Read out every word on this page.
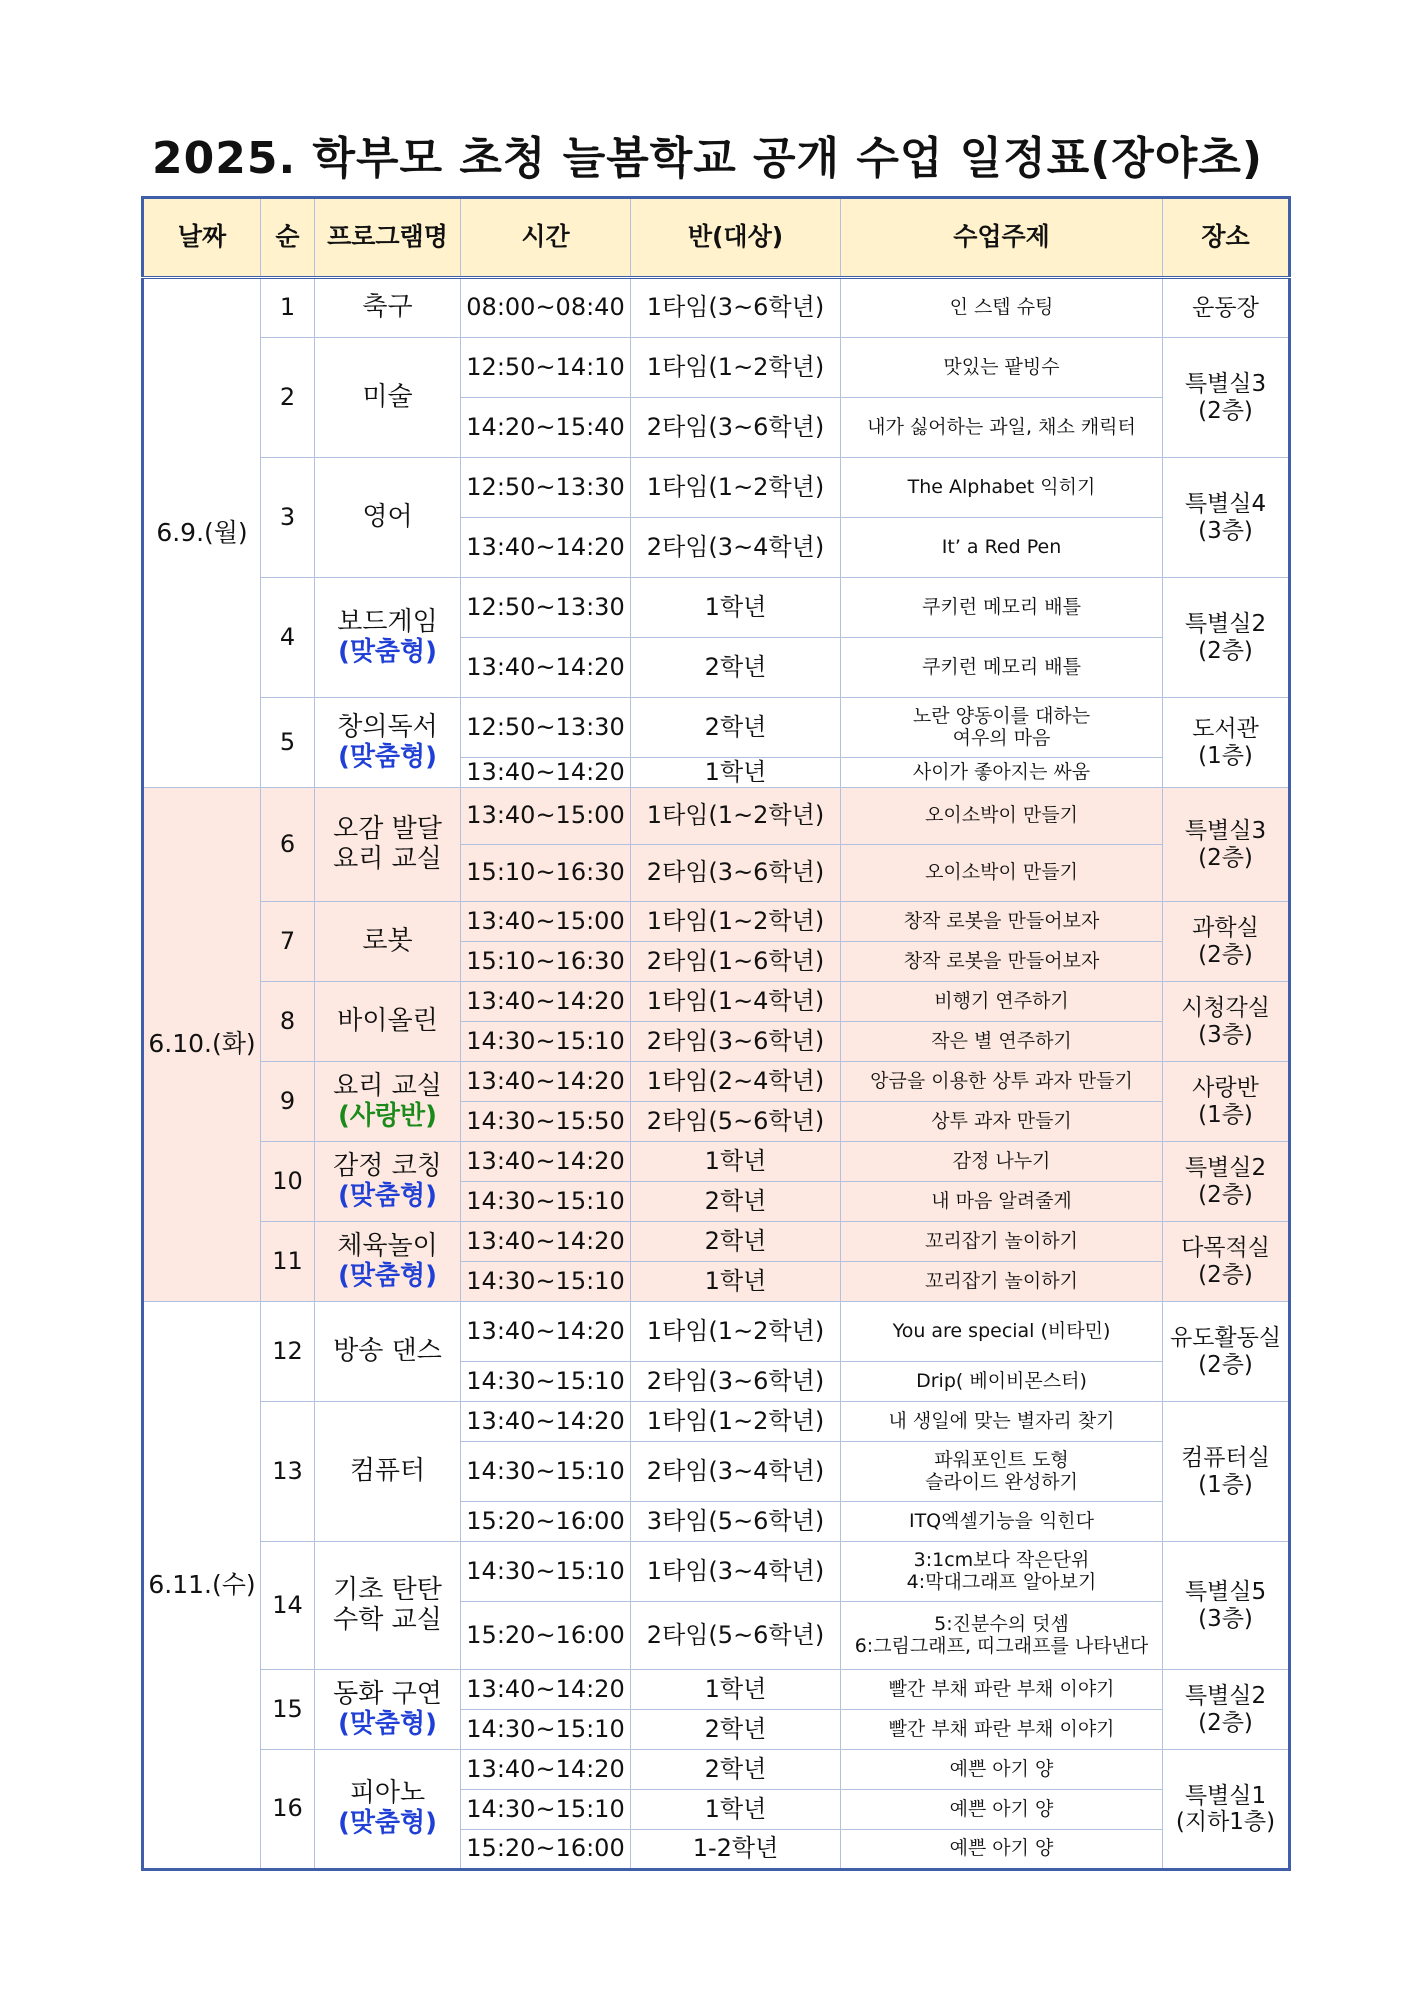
2025. 학부모 초청 늘봄학교 공개 수업 일정표(장야초)
날짜	순	프로그램명	시간	반(대상)	수업주제	장소
6.9.(월)	1	축구	08:00~08:40	1타임(3~6학년)	인 스텝 슈팅	운동장

	2	미술	12:50~14:10	1타임(1~2학년)	맛있는 팥빙수	특별실3
(2층)

			14:20~15:40	2타임(3~6학년)	내가 싫어하는 과일, 채소 캐릭터	

	3	영어	12:50~13:30	1타임(1~2학년)	The Alphabet 익히기	특별실4
(3층)

			13:40~14:20	2타임(3~4학년)	It’ a Red Pen	

	4	보드게임
(맞춤형)	12:50~13:30	1학년	쿠키런 메모리 배틀	특별실2
(2층)

			13:40~14:20	2학년	쿠키런 메모리 배틀	

	5	창의독서
(맞춤형)	12:50~13:30	2학년	노란 양동이를 대하는
여우의 마음	도서관
(1층)

			13:40~14:20	1학년	사이가 좋아지는 싸움	

6.10.(화)	6	오감 발달
요리 교실	13:40~15:00	1타임(1~2학년)	오이소박이 만들기	특별실3
(2층)

			15:10~16:30	2타임(3~6학년)	오이소박이 만들기	

	7	로봇	13:40~15:00	1타임(1~2학년)	창작 로봇을 만들어보자	과학실
(2층)

			15:10~16:30	2타임(1~6학년)	창작 로봇을 만들어보자	

	8	바이올린	13:40~14:20	1타임(1~4학년)	비행기 연주하기	시청각실
(3층)

			14:30~15:10	2타임(3~6학년)	작은 별 연주하기	

	9	요리 교실
(사랑반)	13:40~14:20	1타임(2~4학년)	앙금을 이용한 상투 과자 만들기	사랑반
(1층)

			14:30~15:50	2타임(5~6학년)	상투 과자 만들기	

	10	감정 코칭
(맞춤형)	13:40~14:20	1학년	감정 나누기	특별실2
(2층)

			14:30~15:10	2학년	내 마음 알려줄게	

	11	체육놀이
(맞춤형)	13:40~14:20	2학년	꼬리잡기 놀이하기	다목적실
(2층)

			14:30~15:10	1학년	꼬리잡기 놀이하기	

6.11.(수)	12	방송 댄스	13:40~14:20	1타임(1~2학년)	You are special (비타민)	유도활동실
(2층)

			14:30~15:10	2타임(3~6학년)	Drip( 베이비몬스터)	

	13	컴퓨터	13:40~14:20	1타임(1~2학년)	내 생일에 맞는 별자리 찾기	컴퓨터실
(1층)

			14:30~15:10	2타임(3~4학년)	파워포인트 도형
슬라이드 완성하기	

			15:20~16:00	3타임(5~6학년)	ITQ엑셀기능을 익힌다	

	14	기초 탄탄
수학 교실	14:30~15:10	1타임(3~4학년)	3:1cm보다 작은단위
4:막대그래프 알아보기	특별실5
(3층)

			15:20~16:00	2타임(5~6학년)	5:진분수의 덧셈
6:그림그래프, 띠그래프를 나타낸다	

	15	동화 구연
(맞춤형)	13:40~14:20	1학년	빨간 부채 파란 부채 이야기	특별실2
(2층)

			14:30~15:10	2학년	빨간 부채 파란 부채 이야기	

	16	피아노
(맞춤형)	13:40~14:20	2학년	예쁜 아기 양	특별실1
(지하1층)

			14:30~15:10	1학년	예쁜 아기 양	

			15:20~16:00	1-2학년	예쁜 아기 양	
